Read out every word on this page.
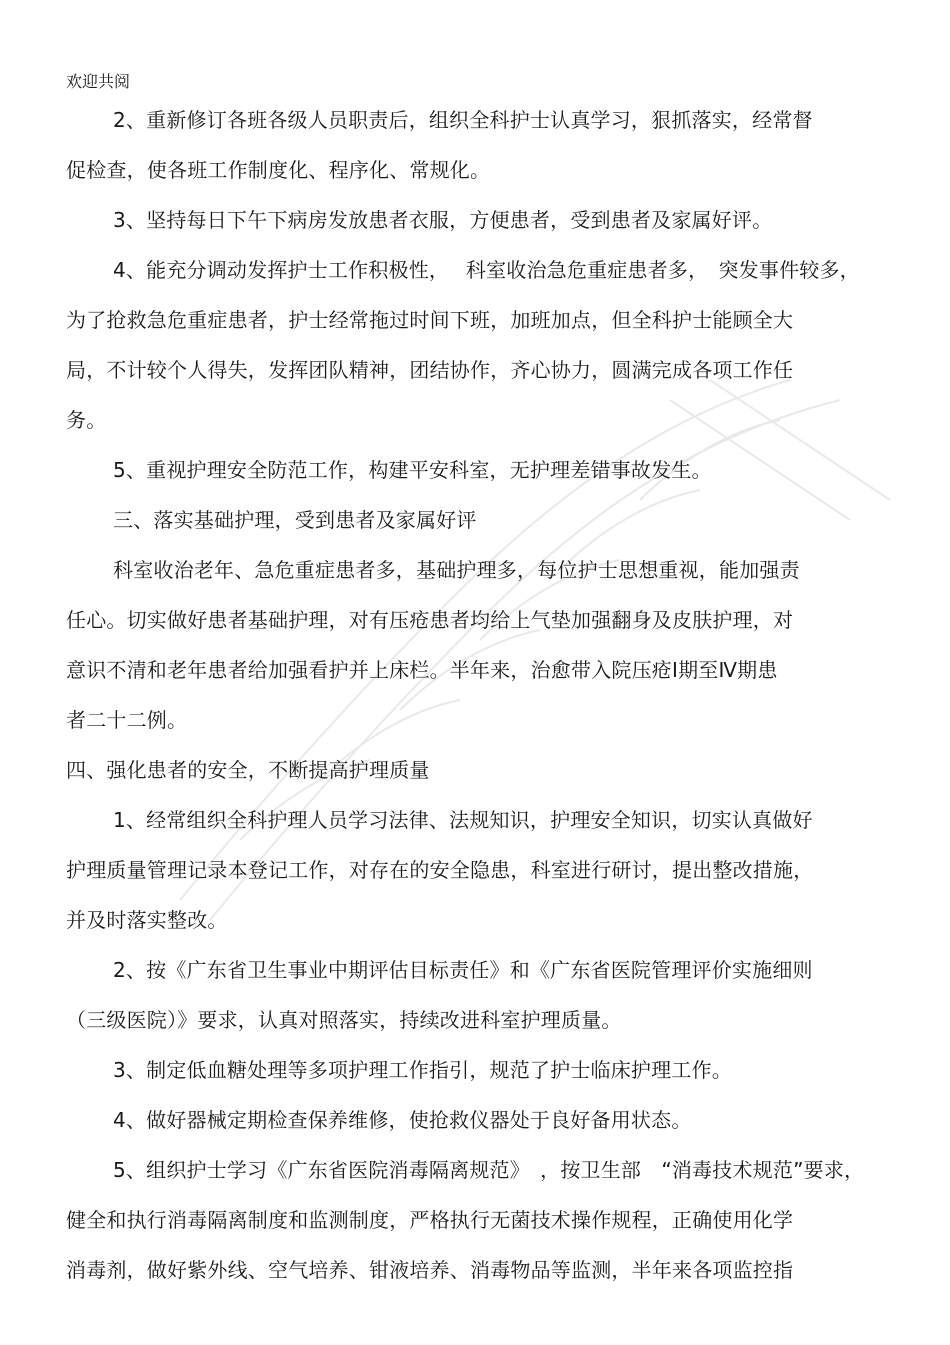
欢迎共阅
2、重新修订各班各级人员职责后，组织全科护士认真学习，狠抓落实，经常督
促检查，使各班工作制度化、程序化、常规化。
3、坚持每日下午下病房发放患者衣服，方便患者，受到患者及家属好评。
4、能充分调动发挥护士工作积极性，　 科室收治急危重症患者多，　突发事件较多，
为了抢救急危重症患者，护士经常拖过时间下班，加班加点，但全科护士能顾全大
局，不计较个人得失，发挥团队精神，团结协作，齐心协力，圆满完成各项工作任
务。
5、重视护理安全防范工作，构建平安科室，无护理差错事故发生。
三、落实基础护理，受到患者及家属好评
科室收治老年、急危重症患者多，基础护理多，每位护士思想重视，能加强责
任心。切实做好患者基础护理，对有压疮患者均给上气垫加强翻身及皮肤护理，对
意识不清和老年患者给加强看护并上床栏。半年来，治愈带入院压疮Ⅰ期至Ⅳ期患
者二十二例。
四、强化患者的安全，不断提高护理质量
1、经常组织全科护理人员学习法律、法规知识，护理安全知识，切实认真做好
护理质量管理记录本登记工作，对存在的安全隐患，科室进行研讨，提出整改措施，
并及时落实整改。
2、按《广东省卫生事业中期评估目标责任》和《广东省医院管理评价实施细则
（三级医院）》要求，认真对照落实，持续改进科室护理质量。
3、制定低血糖处理等多项护理工作指引，规范了护士临床护理工作。
4、做好器械定期检查保养维修，使抢救仪器处于良好备用状态。
5、组织护士学习《广东省医院消毒隔离规范》　，按卫生部　“消毒技术规范”要求，
健全和执行消毒隔离制度和监测制度，严格执行无菌技术操作规程，正确使用化学
消毒剂，做好紫外线、空气培养、钳液培养、消毒物品等监测，半年来各项监控指
